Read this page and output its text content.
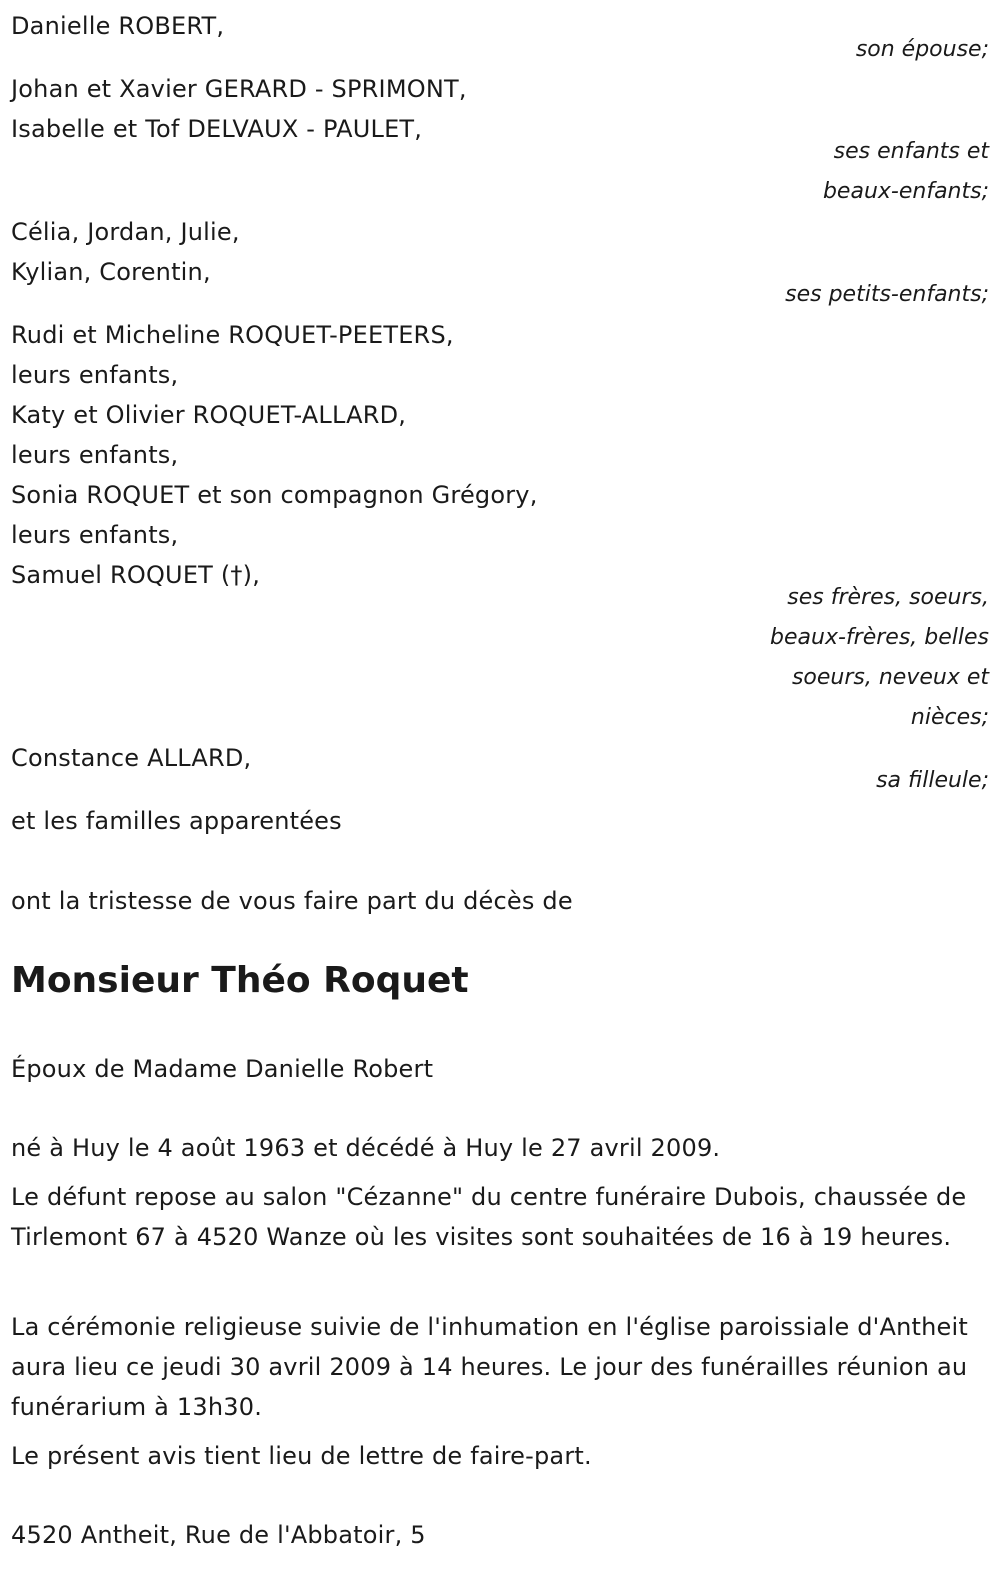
Danielle ROBERT,
son épouse;
Johan et Xavier GERARD - SPRIMONT,
Isabelle et Tof DELVAUX - PAULET,
ses enfants et
beaux-enfants;
Célia, Jordan, Julie,
Kylian, Corentin,
ses petits-enfants;
Rudi et Micheline ROQUET-PEETERS,
leurs enfants,
Katy et Olivier ROQUET-ALLARD,
leurs enfants,
Sonia ROQUET et son compagnon Grégory,
leurs enfants,
Samuel ROQUET (†),
ses frères, soeurs,
beaux-frères, belles
soeurs, neveux et
nièces;
Constance ALLARD,
sa filleule;
et les familles apparentées
ont la tristesse de vous faire part du décès de
Monsieur Théo Roquet
Époux de Madame Danielle Robert
né à Huy le 4 août 1963 et décédé à Huy le 27 avril 2009.
Le défunt repose au salon "Cézanne" du centre funéraire Dubois, chaussée de Tirlemont 67 à 4520 Wanze où les visites sont souhaitées de 16 à 19 heures.
La cérémonie religieuse suivie de l'inhumation en l'église paroissiale d'Antheit aura lieu ce jeudi 30 avril 2009 à 14 heures. Le jour des funérailles réunion au funérarium à 13h30.
Le présent avis tient lieu de lettre de faire-part.
4520 Antheit, Rue de l'Abbatoir, 5
